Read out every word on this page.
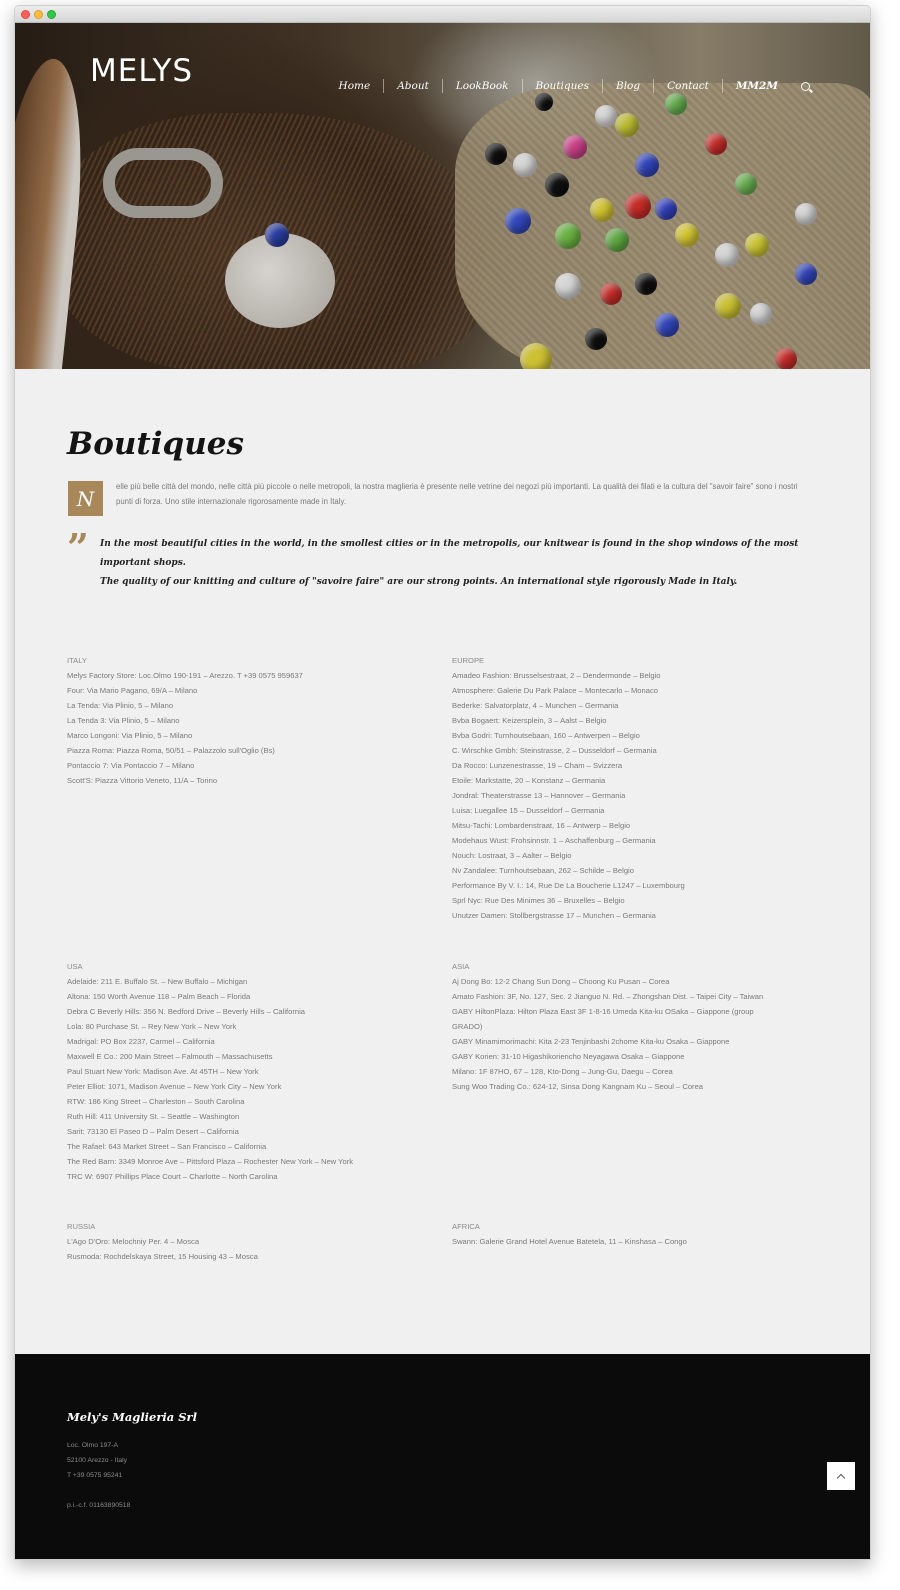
MELYS	Home	About	LookBook	Boutiques	Blog	Contact	MM2M
Boutiques
N	elle più belle città del mondo, nelle città più piccole o nelle metropoli, la nostra maglieria è presente nelle vetrine dei negozi più importanti. La qualità dei filati e la cultura del "savoir faire" sono i nostri punti di forza. Uno stile internazionale rigorosamente made in Italy.

” In the most beautiful cities in the world, in the smollest cities or in the metropolis, our knitwear is found in the shop windows of the most important shops.
The quality of our knitting and culture of "savoire faire" are our strong points. An international style rigorously Made in Italy.
ITALY
Melys Factory Store: Loc.Olmo 190-191 – Arezzo. T +39 0575 959637
Four: Via Mario Pagano, 69/A – Milano
La Tenda: Via Plinio, 5 – Milano
La Tenda 3: Via Plinio, 5 – Milano
Marco Longoni: Via Plinio, 5 – Milano
Piazza Roma: Piazza Roma, 50/51 – Palazzolo sull'Oglio (Bs)
Pontaccio 7: Via Pontaccio 7 – Milano
Scott'S: Piazza Vittorio Veneto, 11/A – Torino
EUROPE
Amadeo Fashion: Brusselsestraat, 2 – Dendermonde – Belgio
Atmosphere: Galerie Du Park Palace – Montecarlo – Monaco
Bederke: Salvatorplatz, 4 – Munchen – Germania
Bvba Bogaert: Keizersplein, 3 – Aalst – Belgio
Bvba Godri: Turnhoutsebaan, 160 – Antwerpen – Belgio
C. Wirschke Gmbh: Steinstrasse, 2 – Dusseldorf – Germania
Da Rocco: Lunzenestrasse, 19 – Cham – Svizzera
Etoile: Markstatte, 20 – Konstanz – Germania
Jondral: Theaterstrasse 13 – Hannover – Germania
Luisa: Luegallee 15 – Dusseldorf – Germania
Mitsu-Tachi: Lombardenstraat, 16 – Antwerp – Belgio
Modehaus Wust: Frohsinnstr. 1 – Aschaffenburg – Germania
Nouch: Lostraat, 3 – Aalter – Belgio
Nv Zandalee: Turnhoutsebaan, 262 – Schilde – Belgio
Performance By V. I.: 14, Rue De La Boucherie L1247 – Luxembourg
Sprl Nyc: Rue Des Minimes 36 – Bruxelles – Belgio
Unutzer Damen: Stollbergstrasse 17 – Munchen – Germania
USA
Adelaide: 211 E. Buffalo St. – New Buffalo – Michigan
Altona: 150 Worth Avenue 118 – Palm Beach – Florida
Debra C Beverly Hills: 356 N. Bedford Drive – Beverly Hills – California
Lola: 80 Purchase St. – Rey New York – New York
Madrigal: PO Box 2237, Carmel – California
Maxwell E Co.: 200 Main Street – Falmouth – Massachusetts
Paul Stuart New York: Madison Ave. At 45TH – New York
Peter Elliot: 1071, Madison Avenue – New York City – New York
RTW: 186 King Street – Charleston – South Carolina
Ruth Hill: 411 University St. – Seattle – Washington
Sarit: 73130 El Paseo D – Palm Desert – California
The Rafael: 643 Market Street – San Francisco – California
The Red Barn: 3349 Monroe Ave – Pittsford Plaza – Rochester New York – New York
TRC W: 6907 Phillips Place Court – Charlotte – North Carolina
ASIA
Aj Dong Bo: 12-2 Chang Sun Dong – Choong Ku Pusan – Corea
Amato Fashion: 3F, No. 127, Sec. 2 Jianguo N. Rd. – Zhongshan Dist. – Taipei City – Taiwan
GABY HiltonPlaza: Hilton Plaza East 3F 1-8-16 Umeda Kita-ku OSaka – Giappone (group
GRADO)
GABY Minamimorimachi: Kita 2-23 Tenjinbashi 2chome Kita-ku Osaka – Giappone
GABY Korien: 31-10 Higashikoriencho Neyagawa Osaka – Giappone
Milano: 1F 87HO, 67 – 128, Kto-Dong – Jung-Gu, Daegu – Corea
Sung Woo Trading Co.: 624-12, Sinsa Dong Kangnam Ku – Seoul – Corea
RUSSIA
L'Ago D'Oro: Melochniy Per. 4 – Mosca
Rusmoda: Rochdelskaya Street, 15 Housing 43 – Mosca
AFRICA
Swann: Galerie Grand Hotel Avenue Batetela, 11 – Kinshasa – Congo
Mely's Maglieria Srl
Loc. Olmo 197-A
52100 Arezzo - Italy
T +39 0575 95241
p.i.-c.f. 01163890518
